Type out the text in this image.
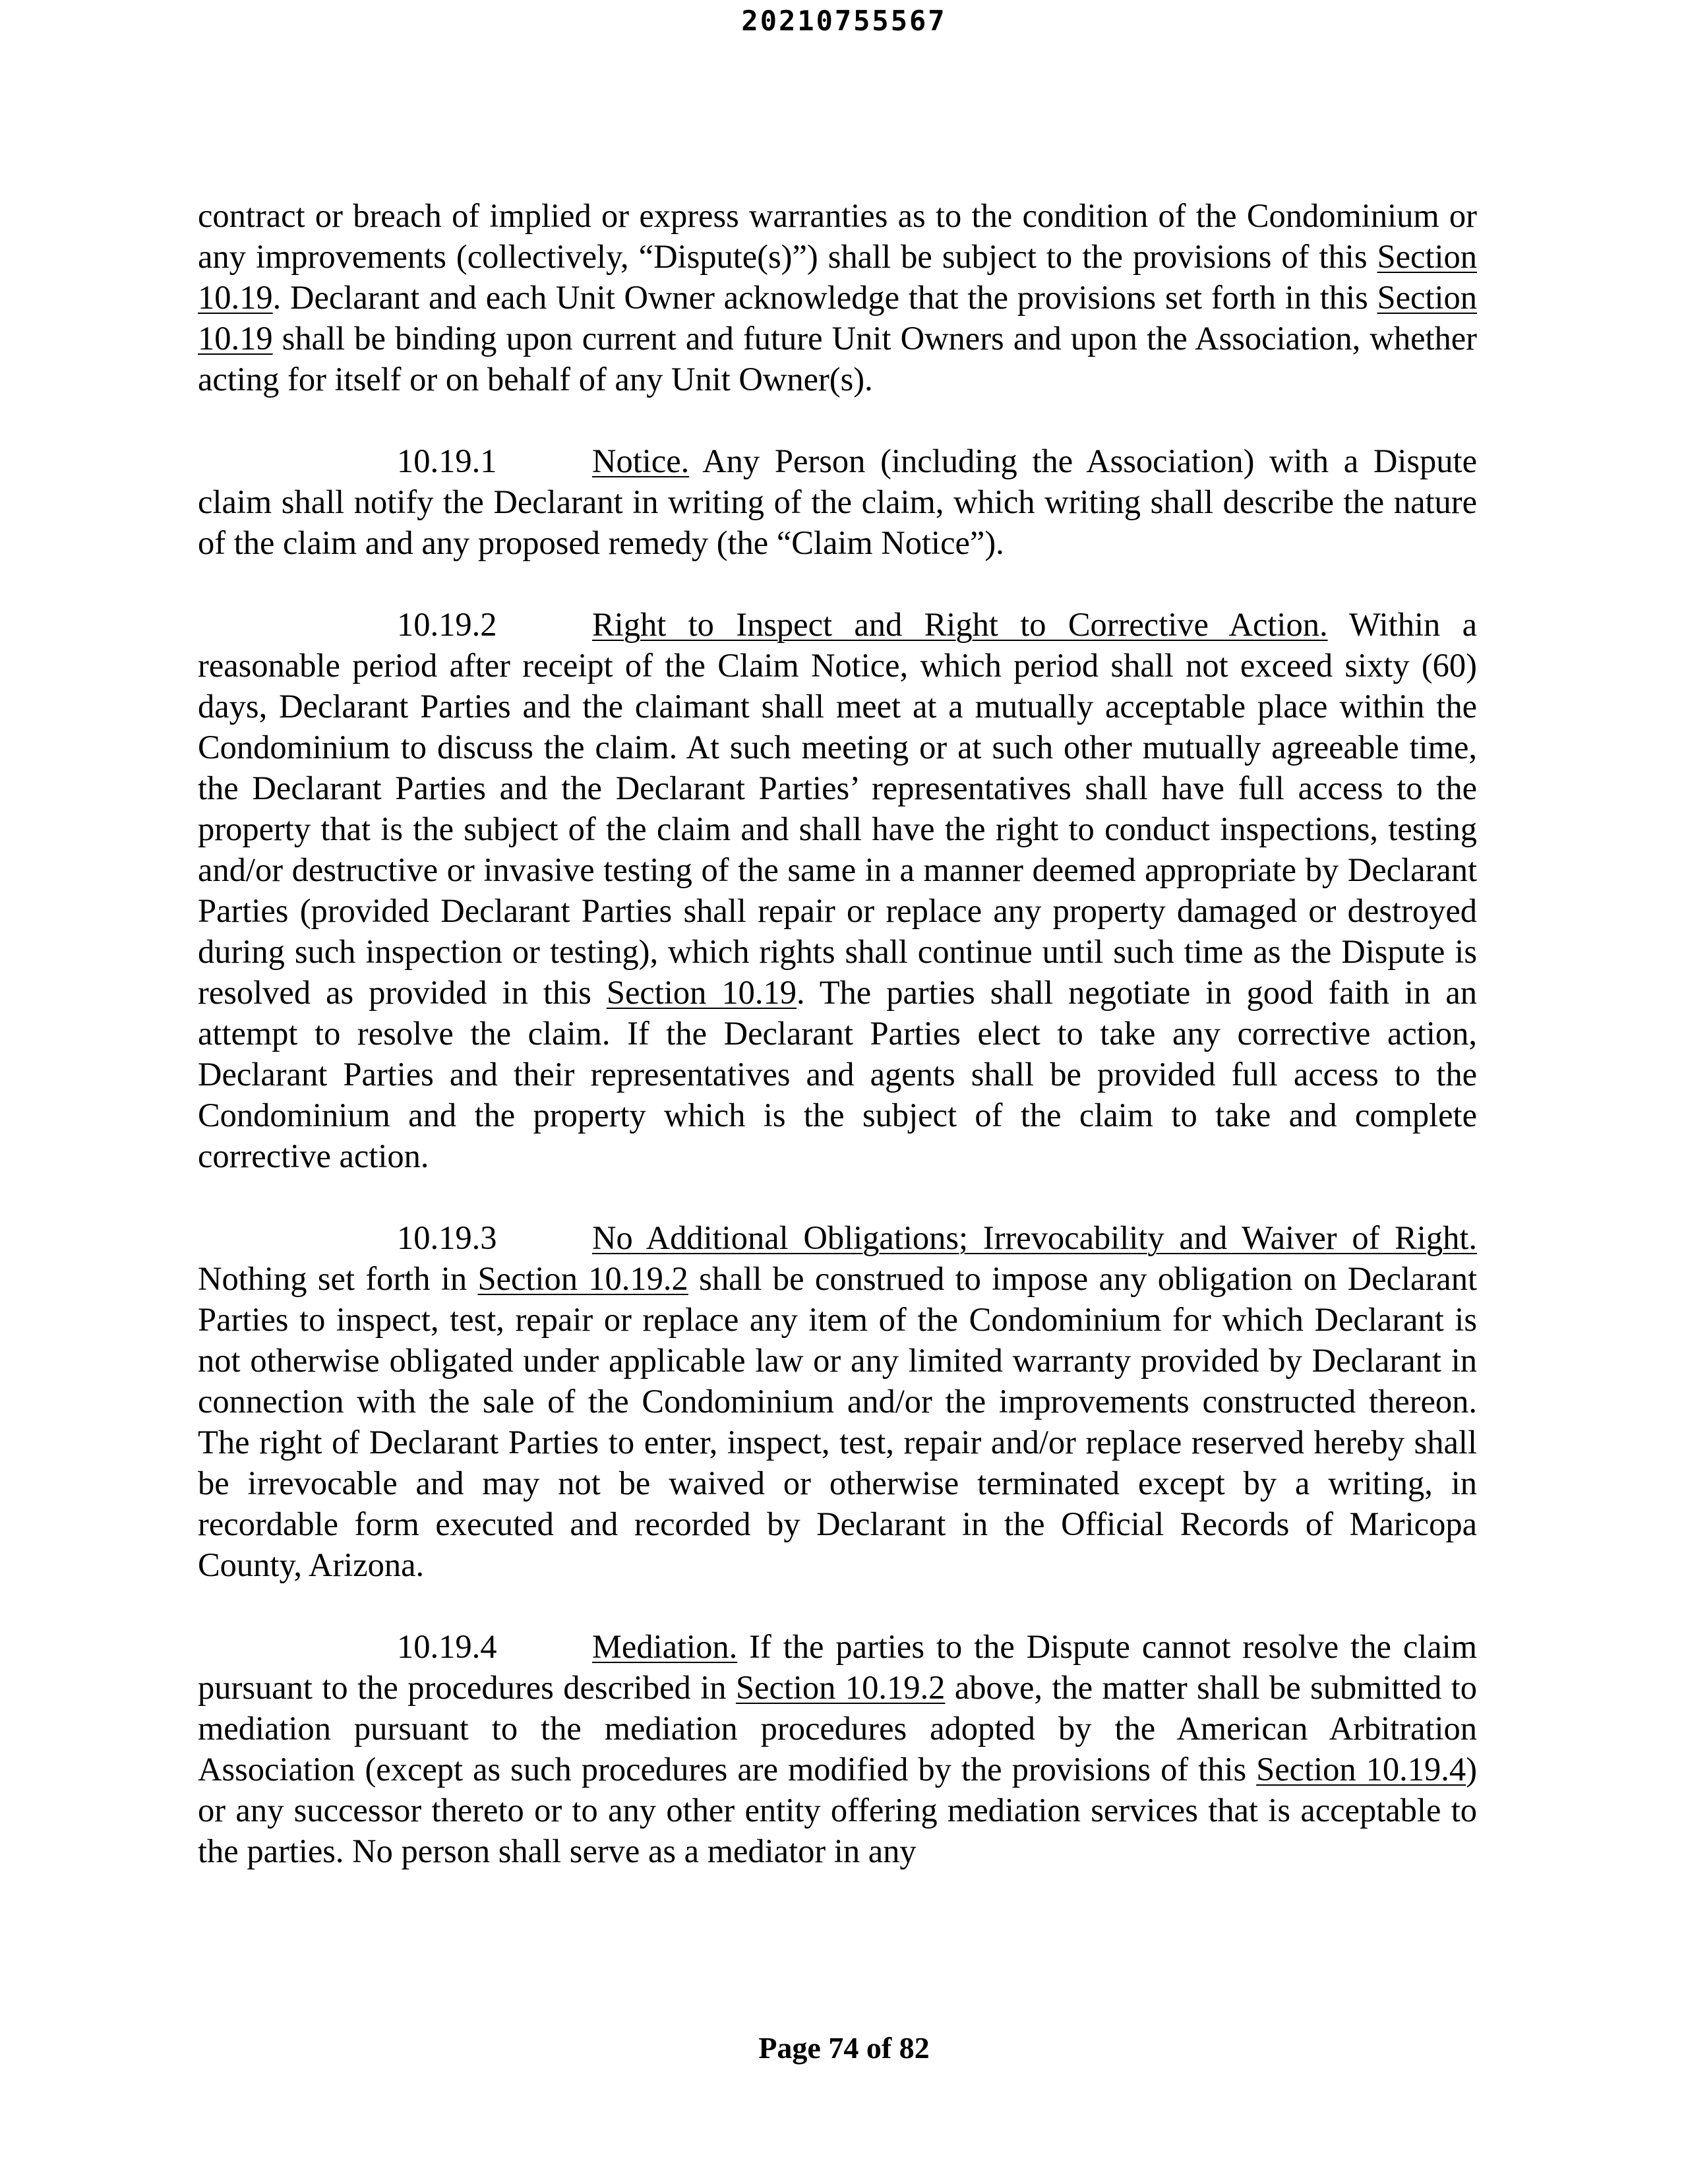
20210755567

contract or breach of implied or express warranties as to the condition of the Condominium or any improvements (collectively, “Dispute(s)”) shall be subject to the provisions of this Section 10.19. Declarant and each Unit Owner acknowledge that the provisions set forth in this Section 10.19 shall be binding upon current and future Unit Owners and upon the Association, whether acting for itself or on behalf of any Unit Owner(s).

10.19.1	Notice. Any Person (including the Association) with a Dispute claim shall notify the Declarant in writing of the claim, which writing shall describe the nature of the claim and any proposed remedy (the “Claim Notice”).

10.19.2	Right to Inspect and Right to Corrective Action. Within a reasonable period after receipt of the Claim Notice, which period shall not exceed sixty (60) days, Declarant Parties and the claimant shall meet at a mutually acceptable place within the Condominium to discuss the claim. At such meeting or at such other mutually agreeable time, the Declarant Parties and the Declarant Parties’ representatives shall have full access to the property that is the subject of the claim and shall have the right to conduct inspections, testing and/or destructive or invasive testing of the same in a manner deemed appropriate by Declarant Parties (provided Declarant Parties shall repair or replace any property damaged or destroyed during such inspection or testing), which rights shall continue until such time as the Dispute is resolved as provided in this Section 10.19. The parties shall negotiate in good faith in an attempt to resolve the claim. If the Declarant Parties elect to take any corrective action, Declarant Parties and their representatives and agents shall be provided full access to the Condominium and the property which is the subject of the claim to take and complete corrective action.

10.19.3	No Additional Obligations; Irrevocability and Waiver of Right. Nothing set forth in Section 10.19.2 shall be construed to impose any obligation on Declarant Parties to inspect, test, repair or replace any item of the Condominium for which Declarant is not otherwise obligated under applicable law or any limited warranty provided by Declarant in connection with the sale of the Condominium and/or the improvements constructed thereon. The right of Declarant Parties to enter, inspect, test, repair and/or replace reserved hereby shall be irrevocable and may not be waived or otherwise terminated except by a writing, in recordable form executed and recorded by Declarant in the Official Records of Maricopa County, Arizona.

10.19.4	Mediation. If the parties to the Dispute cannot resolve the claim pursuant to the procedures described in Section 10.19.2 above, the matter shall be submitted to mediation pursuant to the mediation procedures adopted by the American Arbitration Association (except as such procedures are modified by the provisions of this Section 10.19.4) or any successor thereto or to any other entity offering mediation services that is acceptable to the parties. No person shall serve as a mediator in any

Page 74 of 82
